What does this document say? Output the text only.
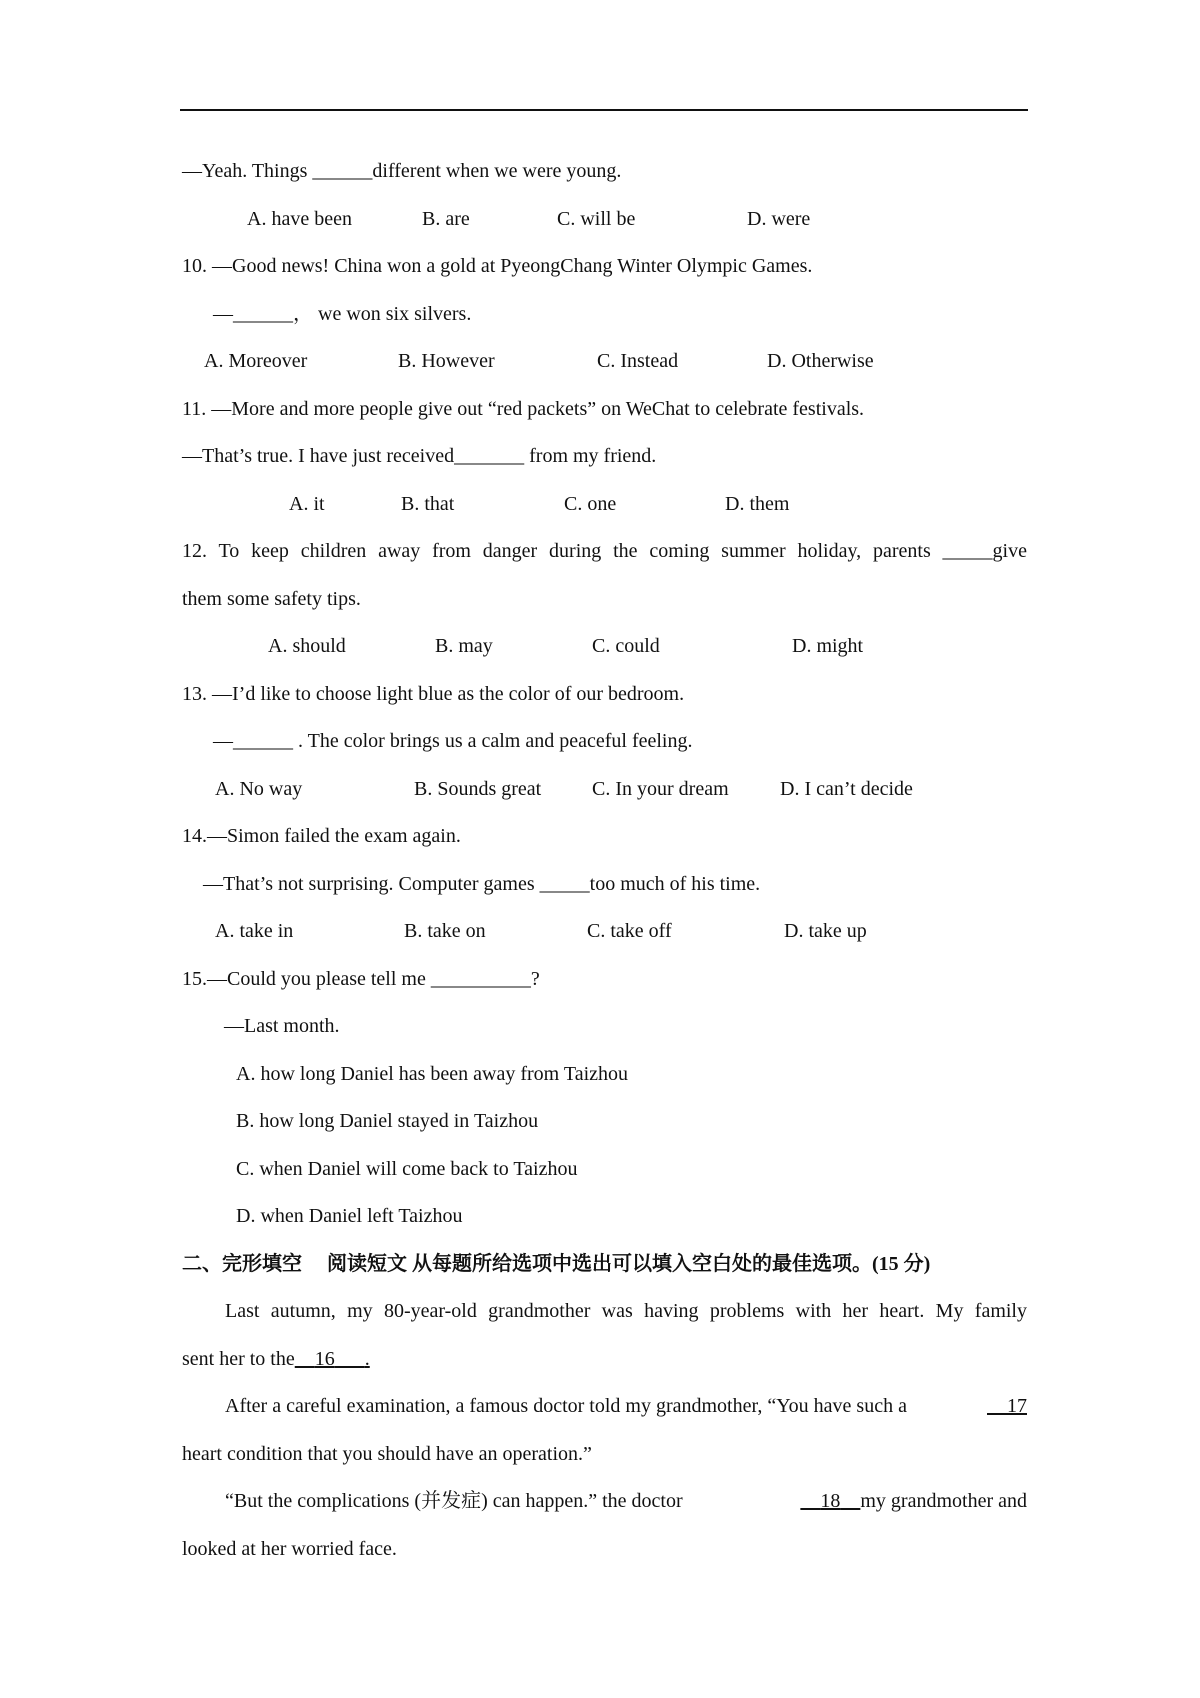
—Yeah. Things ______different when we were young.
A. have been	B. are	C. will be	D. were
10. —Good news! China won a gold at PyeongChang Winter Olympic Games.
—______， we won six silvers.
A. Moreover	B. However	C. Instead	D. Otherwise
11. —More and more people give out “red packets” on WeChat to celebrate festivals.
—That’s true. I have just received_______ from my friend.
A. it	B. that	C. one	D. them
12. To keep children away from danger during the coming summer holiday, parents _____give
them some safety tips.
A. should	B. may	C. could	D. might
13. —I’d like to choose light blue as the color of our bedroom.
—______ . The color brings us a calm and peaceful feeling.
A. No way	B. Sounds great	C. In your dream	D. I can’t decide
14.—Simon failed the exam again.
—That’s not surprising. Computer games _____too much of his time.
A. take in	B. take on	C. take off	D. take up
15.—Could you please tell me __________?
—Last month.
A. how long Daniel has been away from Taizhou
B. how long Daniel stayed in Taizhou
C. when Daniel will come back to Taizhou
D. when Daniel left Taizhou
二、完形填空　 阅读短文 从每题所给选项中选出可以填入空白处的最佳选项。(15 分)
Last autumn, my 80-year-old grandmother was having problems with her heart. My family
sent her to the  16   .
After a careful examination, a famous doctor told my grandmother, “You have such a
  	17
heart condition that you should have an operation.”
“But the complications (并发症) can happen.” the doctor
  	18   my grandmother and
looked at her worried face.
